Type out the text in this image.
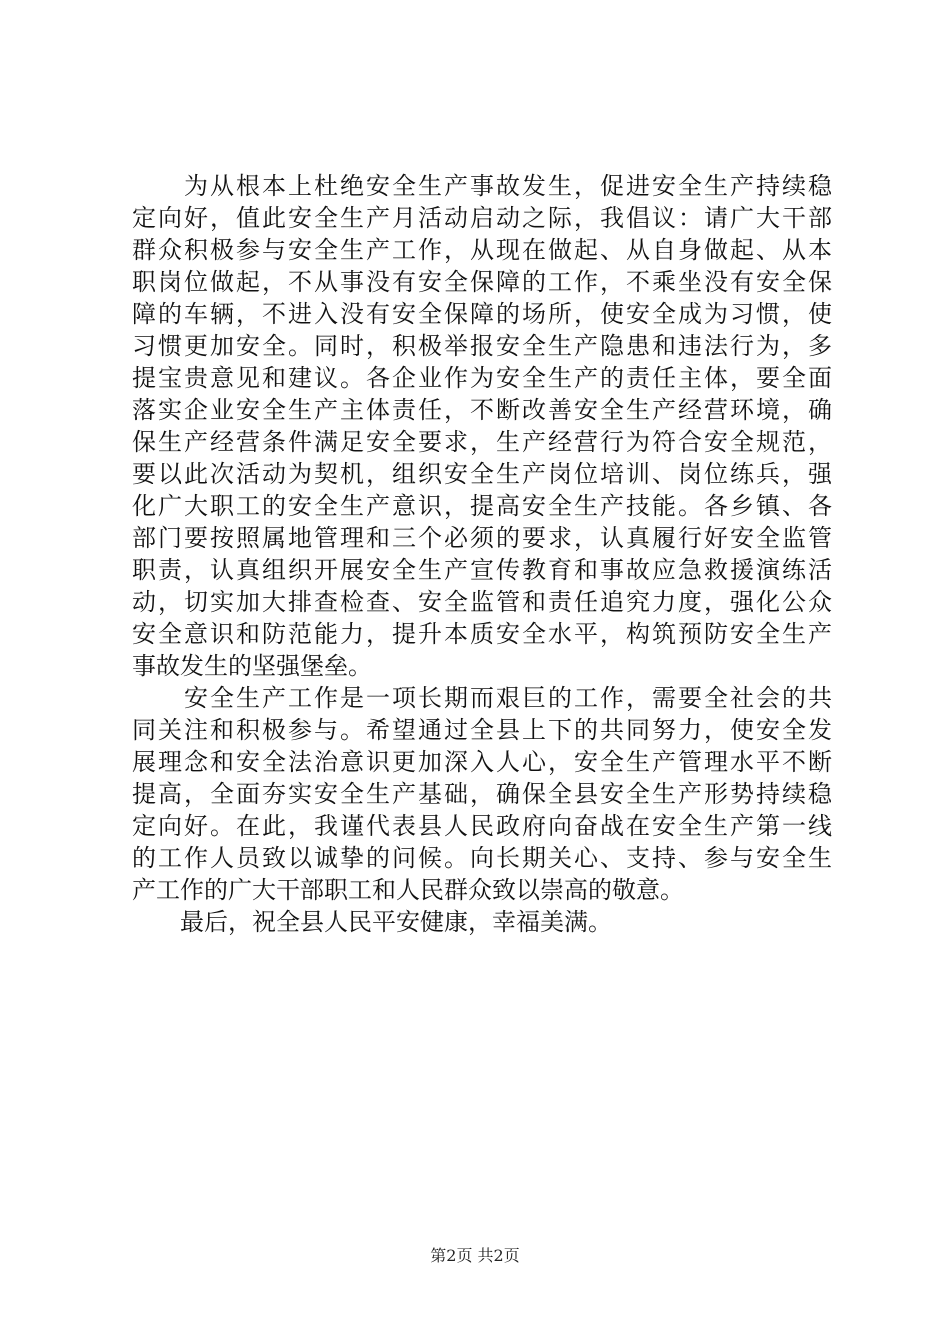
　　为从根本上杜绝安全生产事故发生，促进安全生产持续稳
定向好，值此安全生产月活动启动之际，我倡议：请广大干部
群众积极参与安全生产工作，从现在做起、从自身做起、从本
职岗位做起，不从事没有安全保障的工作，不乘坐没有安全保
障的车辆，不进入没有安全保障的场所，使安全成为习惯，使
习惯更加安全。同时，积极举报安全生产隐患和违法行为，多
提宝贵意见和建议。各企业作为安全生产的责任主体，要全面
落实企业安全生产主体责任，不断改善安全生产经营环境，确
保生产经营条件满足安全要求，生产经营行为符合安全规范，
要以此次活动为契机，组织安全生产岗位培训、岗位练兵，强
化广大职工的安全生产意识，提高安全生产技能。各乡镇、各
部门要按照属地管理和三个必须的要求，认真履行好安全监管
职责，认真组织开展安全生产宣传教育和事故应急救援演练活
动，切实加大排查检查、安全监管和责任追究力度，强化公众
安全意识和防范能力，提升本质安全水平，构筑预防安全生产
事故发生的坚强堡垒。
　　安全生产工作是一项长期而艰巨的工作，需要全社会的共
同关注和积极参与。希望通过全县上下的共同努力，使安全发
展理念和安全法治意识更加深入人心，安全生产管理水平不断
提高，全面夯实安全生产基础，确保全县安全生产形势持续稳
定向好。在此，我谨代表县人民政府向奋战在安全生产第一线
的工作人员致以诚挚的问候。向长期关心、支持、参与安全生
产工作的广大干部职工和人民群众致以崇高的敬意。
　　最后，祝全县人民平安健康，幸福美满。
第2页 共2页
